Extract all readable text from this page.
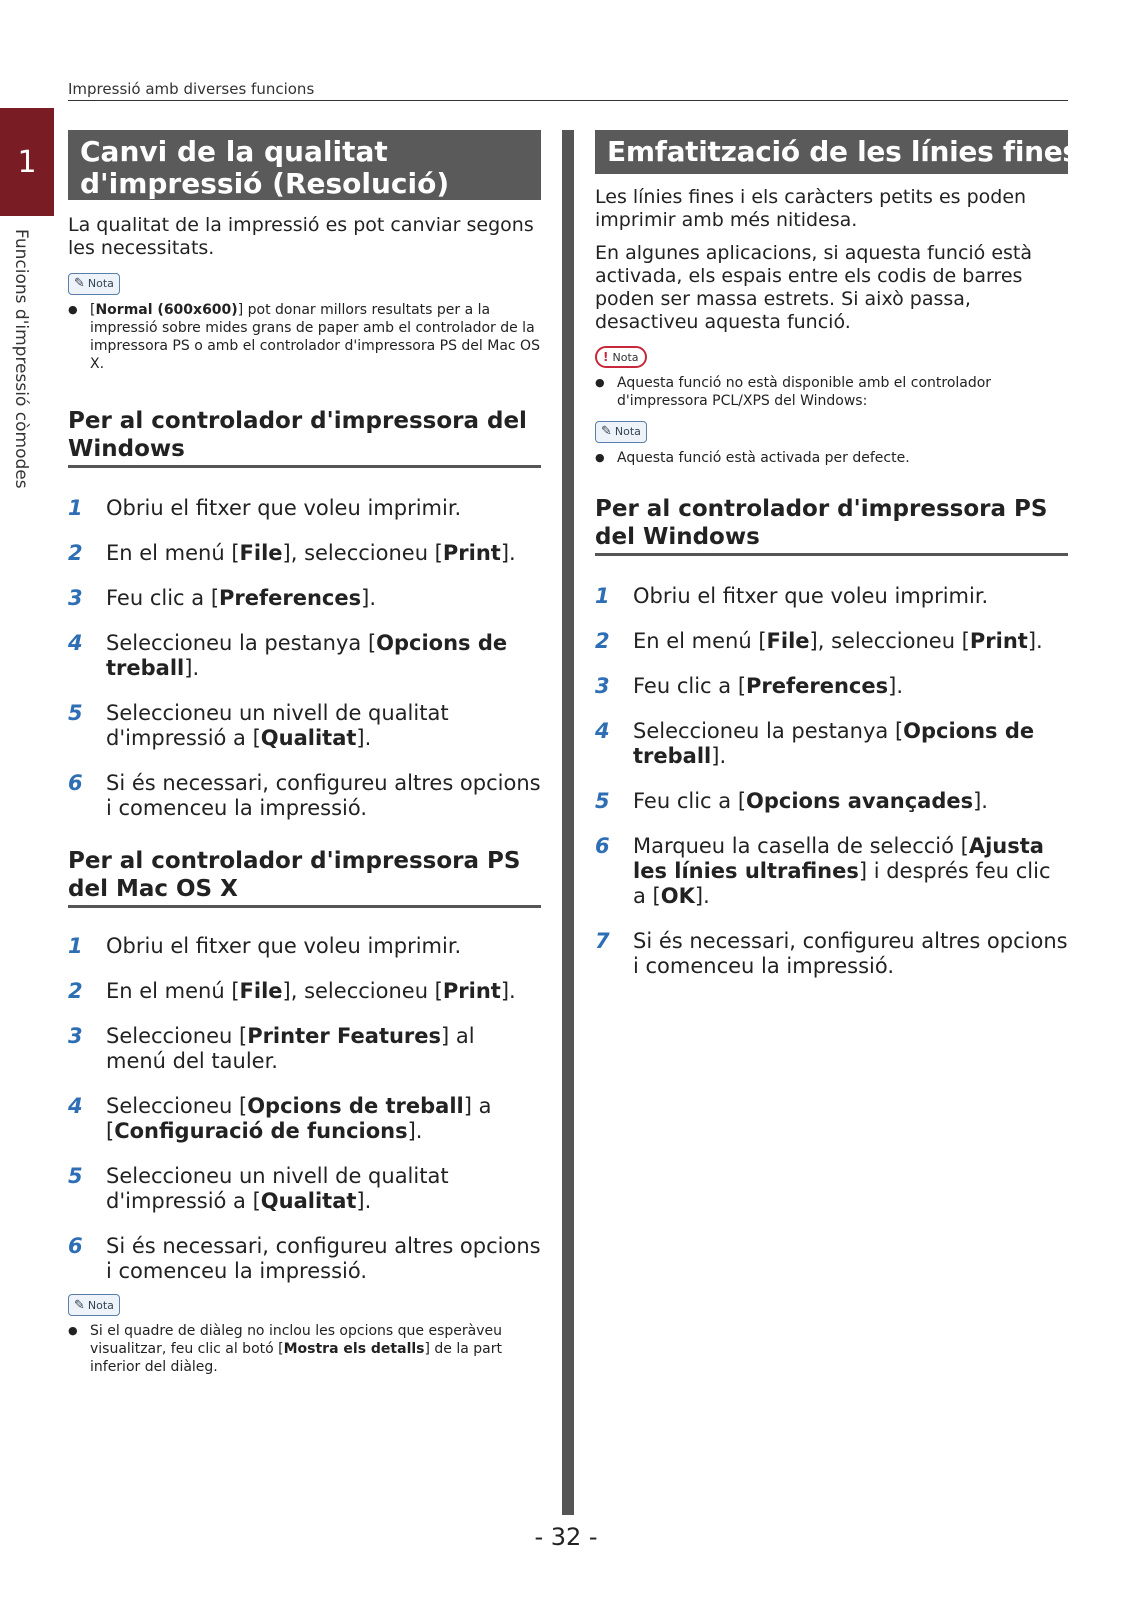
Impressió amb diverses funcions
1
Funcions d'impressió còmodes
Canvi de la qualitat d'impressió (Resolució)

La qualitat de la impressió es pot canviar segons les necessitats.

✎ Nota
● [Normal (600x600)] pot donar millors resultats per a la impressió sobre mides grans de paper amb el controlador de la impressora PS o amb el controlador d'impressora PS del Mac OS X.
Per al controlador d'impressora del Windows
1	Obriu el fitxer que voleu imprimir.
2	En el menú [File], seleccioneu [Print].
3	Feu clic a [Preferences].
4	Seleccioneu la pestanya [Opcions de treball].
5	Seleccioneu un nivell de qualitat d'impressió a [Qualitat].
6	Si és necessari, configureu altres opcions i comenceu la impressió.
Per al controlador d'impressora PS del Mac OS X
1	Obriu el fitxer que voleu imprimir.
2	En el menú [File], seleccioneu [Print].
3	Seleccioneu [Printer Features] al menú del tauler.
4	Seleccioneu [Opcions de treball] a [Configuració de funcions].
5	Seleccioneu un nivell de qualitat d'impressió a [Qualitat].
6	Si és necessari, configureu altres opcions i comenceu la impressió.
✎ Nota
● Si el quadre de diàleg no inclou les opcions que esperàveu visualitzar, feu clic al botó [Mostra els detalls] de la part inferior del diàleg.
Emfatització de les línies fines

Les línies fines i els caràcters petits es poden imprimir amb més nitidesa.

En algunes aplicacions, si aquesta funció està activada, els espais entre els codis de barres poden ser massa estrets. Si això passa, desactiveu aquesta funció.

! Nota
● Aquesta funció no està disponible amb el controlador d'impressora PCL/XPS del Windows:
✎ Nota
● Aquesta funció està activada per defecte.
Per al controlador d'impressora PS del Windows
1	Obriu el fitxer que voleu imprimir.
2	En el menú [File], seleccioneu [Print].
3	Feu clic a [Preferences].
4	Seleccioneu la pestanya [Opcions de treball].
5	Feu clic a [Opcions avançades].
6	Marqueu la casella de selecció [Ajusta les línies ultrafines] i després feu clic a [OK].
7	Si és necessari, configureu altres opcions i comenceu la impressió.
- 32 -
